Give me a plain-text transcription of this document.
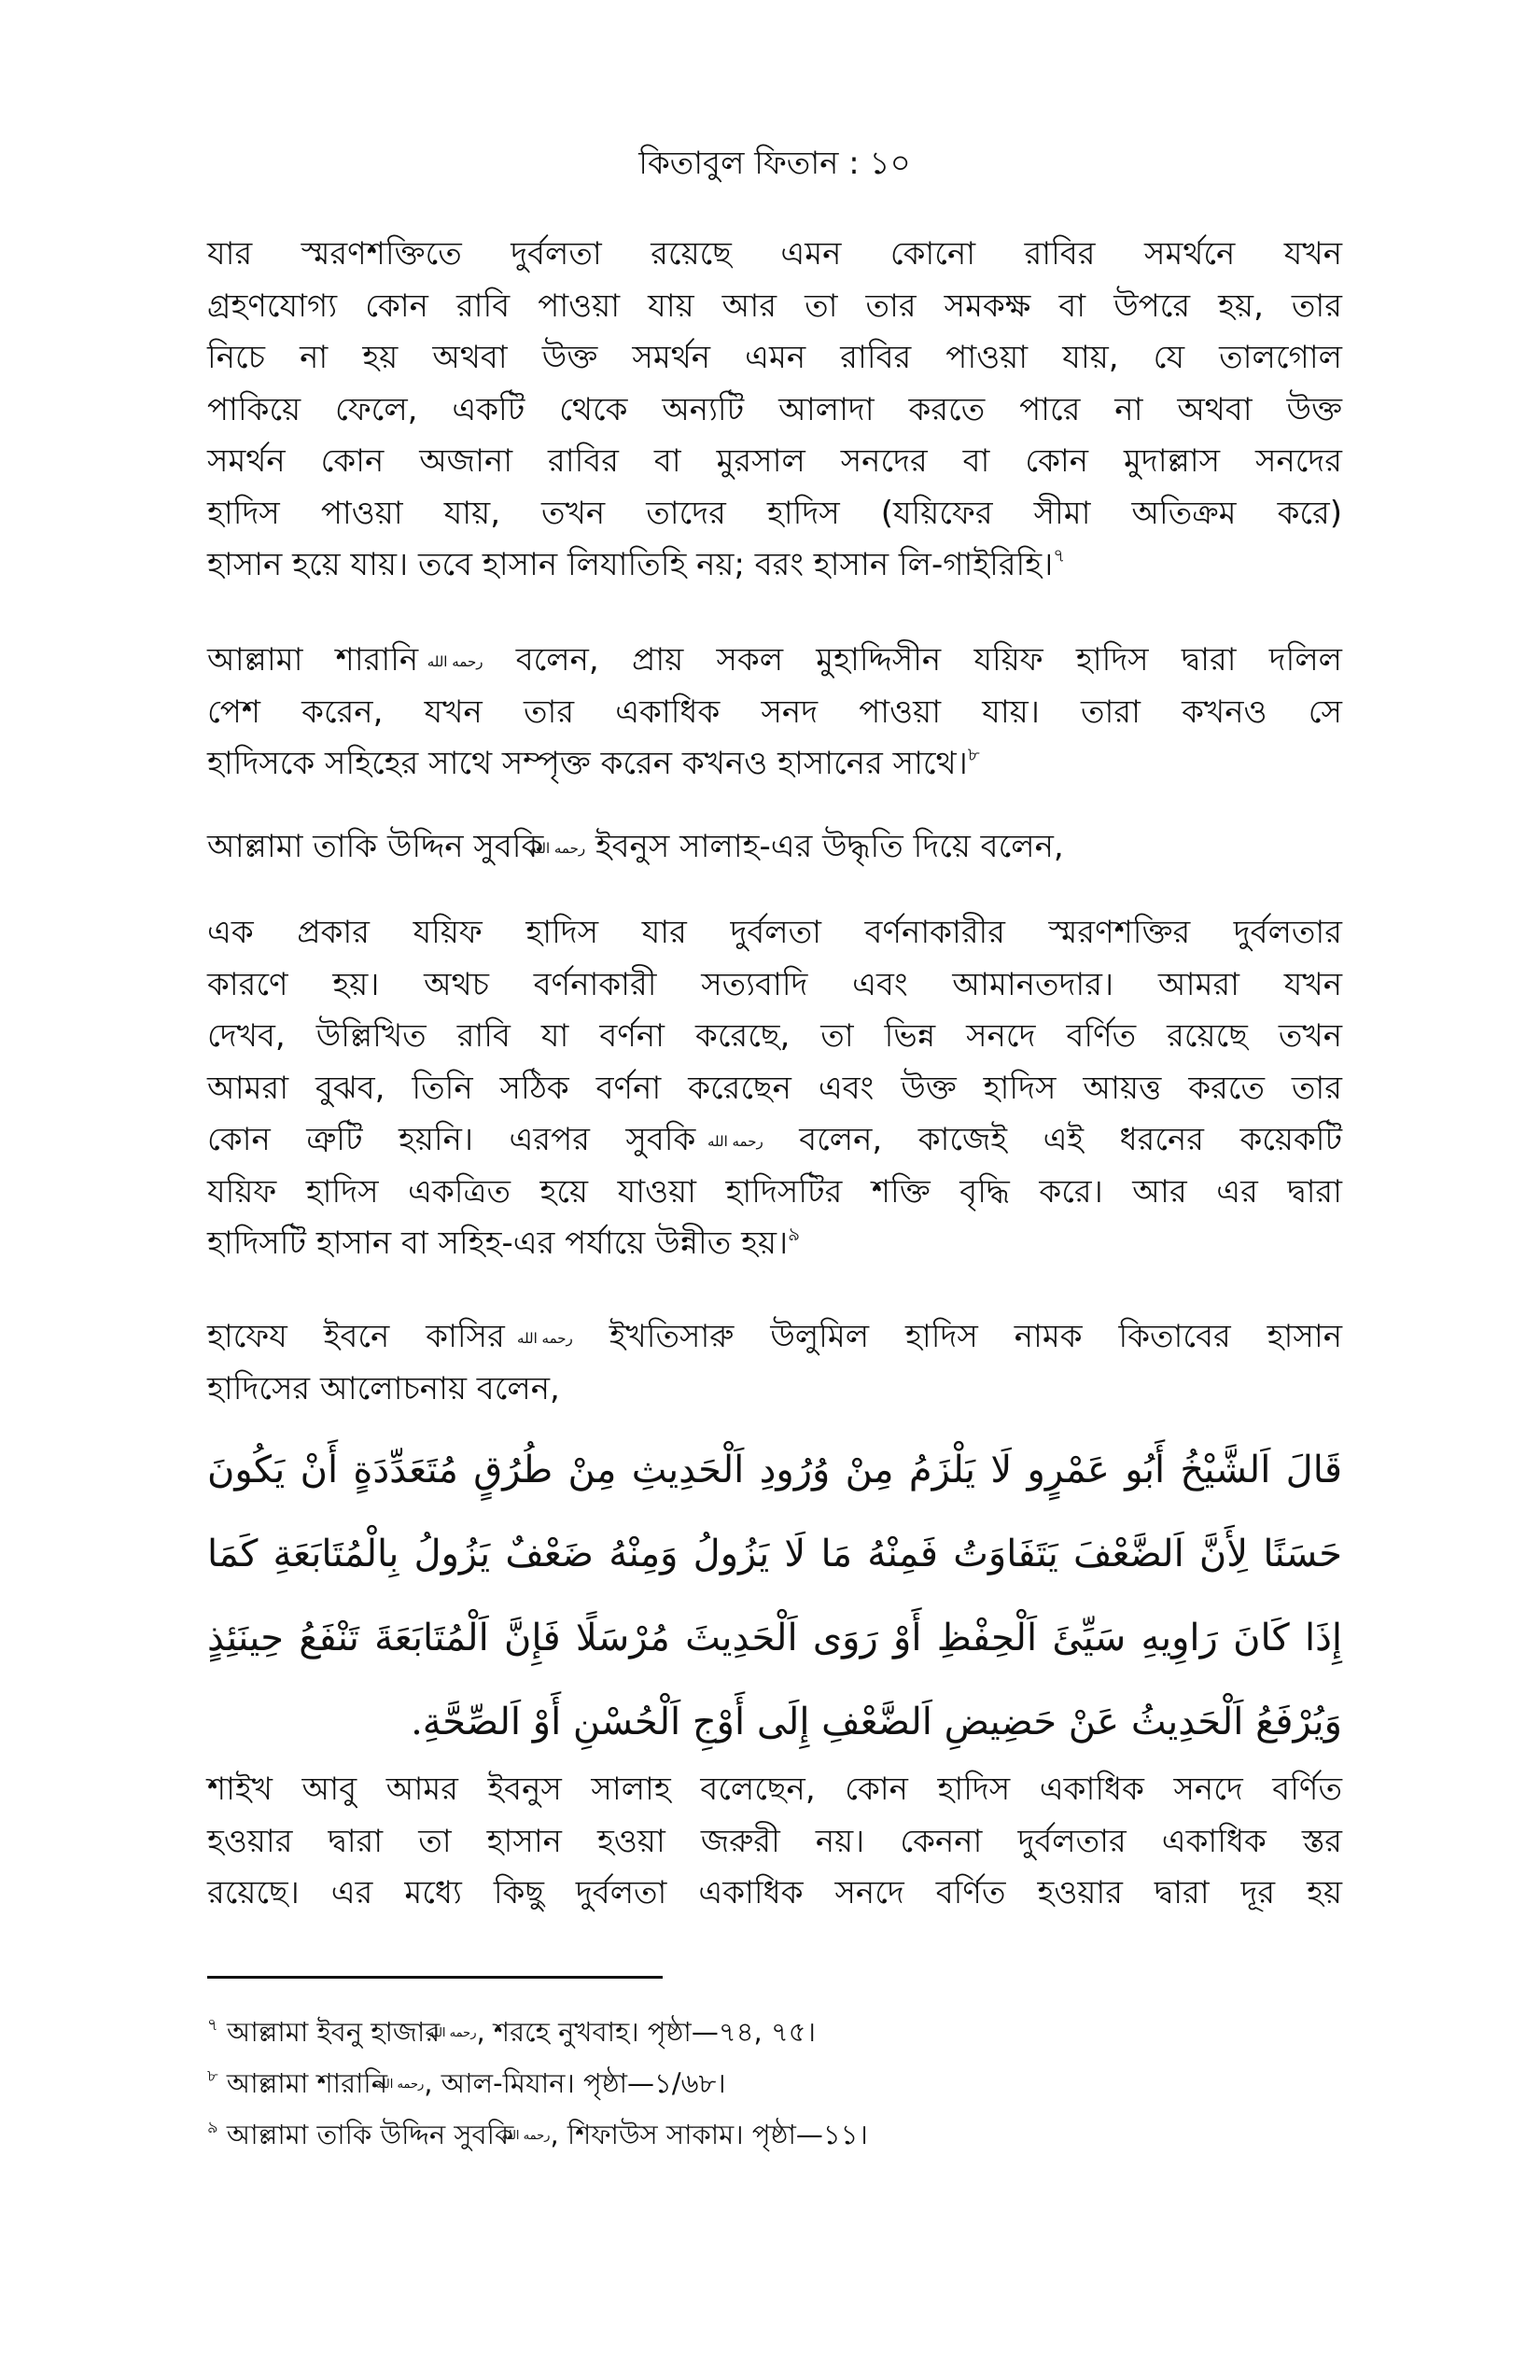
কিতাবুল ফিতান : ১০
যার স্মরণশক্তিতে দুর্বলতা রয়েছে এমন কোনো রাবির সমর্থনে যখন
গ্রহণযোগ্য কোন রাবি পাওয়া যায় আর তা তার সমকক্ষ বা উপরে হয়, তার
নিচে না হয় অথবা উক্ত সমর্থন এমন রাবির পাওয়া যায়, যে তালগোল
পাকিয়ে ফেলে, একটি থেকে অন্যটি আলাদা করতে পারে না অথবা উক্ত
সমর্থন কোন অজানা রাবির বা মুরসাল সনদের বা কোন মুদাল্লাস সনদের
হাদিস পাওয়া যায়, তখন তাদের হাদিস (যয়িফের সীমা অতিক্রম করে)
হাসান হয়ে যায়। তবে হাসান লিযাতিহি নয়; বরং হাসান লি-গাইরিহি।$^৭$
আল্লামা শারানি رحمه الله বলেন, প্রায় সকল মুহাদ্দিসীন যয়িফ হাদিস দ্বারা দলিল
পেশ করেন, যখন তার একাধিক সনদ পাওয়া যায়। তারা কখনও সে
হাদিসকে সহিহের সাথে সম্পৃক্ত করেন কখনও হাসানের সাথে।$^৮$
আল্লামা তাকি উদ্দিন সুবকি رحمه الله ইবনুস সালাহ-এর উদ্ধৃতি দিয়ে বলেন,
এক প্রকার যয়িফ হাদিস যার দুর্বলতা বর্ণনাকারীর স্মরণশক্তির দুর্বলতার
কারণে হয়। অথচ বর্ণনাকারী সত্যবাদি এবং আমানতদার। আমরা যখন
দেখব, উল্লিখিত রাবি যা বর্ণনা করেছে, তা ভিন্ন সনদে বর্ণিত রয়েছে তখন
আমরা বুঝব, তিনি সঠিক বর্ণনা করেছেন এবং উক্ত হাদিস আয়ত্ত করতে তার
কোন ত্রুটি হয়নি। এরপর সুবকি رحمه الله বলেন, কাজেই এই ধরনের কয়েকটি
যয়িফ হাদিস একত্রিত হয়ে যাওয়া হাদিসটির শক্তি বৃদ্ধি করে। আর এর দ্বারা
হাদিসটি হাসান বা সহিহ-এর পর্যায়ে উন্নীত হয়।$^৯$
হাফেয ইবনে কাসির رحمه الله ইখতিসারু উলুমিল হাদিস নামক কিতাবের হাসান
হাদিসের আলোচনায় বলেন,
قَالَ اَلشَّيْخُ أَبُو عَمْرٍو لَا يَلْزَمُ مِنْ وُرُودِ اَلْحَدِيثِ مِنْ طُرُقٍ مُتَعَدِّدَةٍ أَنْ يَكُونَ
حَسَنًا لِأَنَّ اَلضَّعْفَ يَتَفَاوَتُ فَمِنْهُ مَا لَا يَزُولُ وَمِنْهُ ضَعْفٌ يَزُولُ بِالْمُتَابَعَةِ كَمَا
إِذَا كَانَ رَاوِيهِ سَيِّئَ اَلْحِفْظِ أَوْ رَوَى اَلْحَدِيثَ مُرْسَلًا فَإِنَّ اَلْمُتَابَعَةَ تَنْفَعُ حِينَئِذٍ
وَيُرْفَعُ اَلْحَدِيثُ عَنْ حَضِيضِ اَلضَّعْفِ إِلَى أَوْجِ اَلْحُسْنِ أَوْ اَلصِّحَّةِ.
শাইখ আবু আমর ইবনুস সালাহ বলেছেন, কোন হাদিস একাধিক সনদে বর্ণিত
হওয়ার দ্বারা তা হাসান হওয়া জরুরী নয়। কেননা দুর্বলতার একাধিক স্তর
রয়েছে। এর মধ্যে কিছু দুর্বলতা একাধিক সনদে বর্ণিত হওয়ার দ্বারা দূর হয়
$^৭$ আল্লামা ইবনু হাজার رحمه الله, শরহে নুখবাহ। পৃষ্ঠা—৭৪, ৭৫।
$^৮$ আল্লামা শারানি رحمه الله, আল-মিযান। পৃষ্ঠা—১/৬৮।
$^৯$ আল্লামা তাকি উদ্দিন সুবকি رحمه الله, শিফাউস সাকাম। পৃষ্ঠা—১১।
